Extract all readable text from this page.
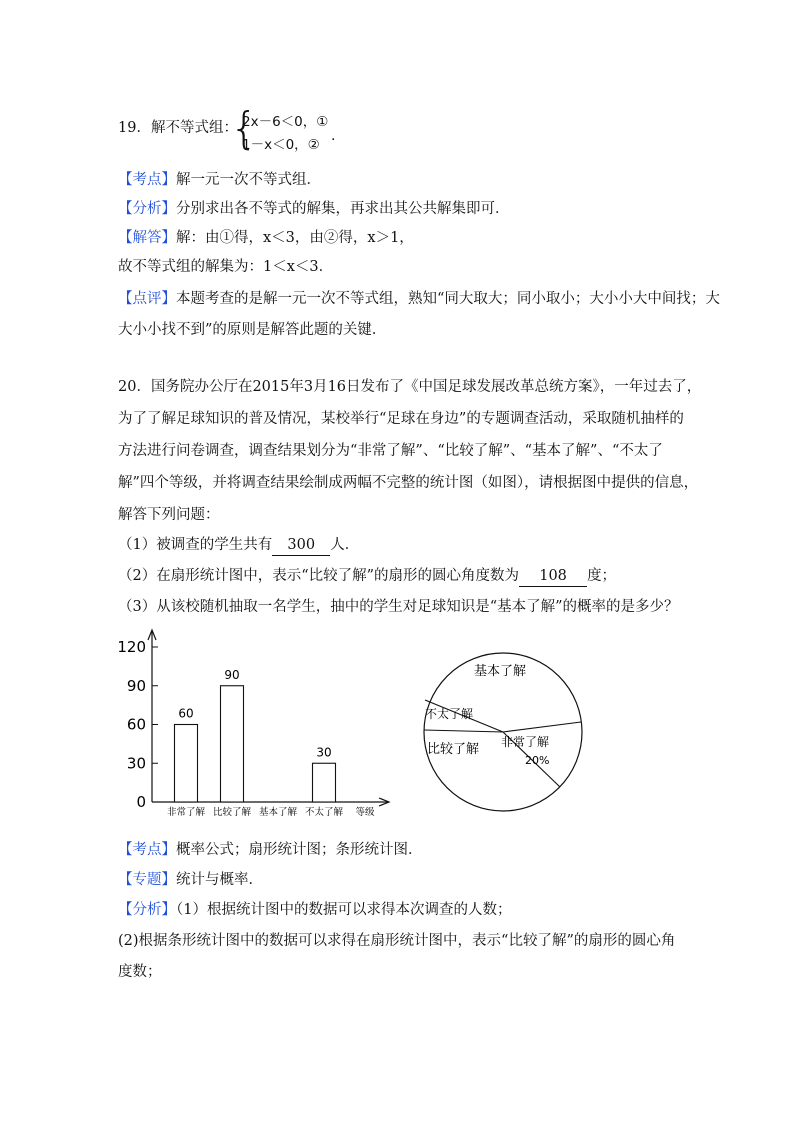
19．解不等式组：
{
2x－6＜0，①
1－x＜0，②
.
【考点】解一元一次不等式组．
【分析】分别求出各不等式的解集，再求出其公共解集即可．
【解答】解：由①得，x＜3，由②得，x＞1，
故不等式组的解集为：1＜x＜3．
【点评】本题考查的是解一元一次不等式组，熟知“同大取大；同小取小；大小小大中间找；大
大小小找不到”的原则是解答此题的关键．
20．国务院办公厅在2015年3月16日发布了《中国足球发展改革总统方案》，一年过去了，
为了了解足球知识的普及情况，某校举行“足球在身边”的专题调查活动，采取随机抽样的
方法进行问卷调查，调查结果划分为“非常了解”、“比较了解”、“基本了解”、“不太了
解”四个等级，并将调查结果绘制成两幅不完整的统计图（如图），请根据图中提供的信息，
解答下列问题：
（1）被调查的学生共有 300 人．
（2）在扇形统计图中，表示“比较了解”的扇形的圆心角度数为 108 度；
（3）从该校随机抽取一名学生，抽中的学生对足球知识是“基本了解”的概率的是多少？
0
30
60
90
120
60
非常了解
90
比较了解 基本了解
30
不太了解 等级
基本了解
不太了解
比较了解 非常了解
20%
【考点】概率公式；扇形统计图；条形统计图．
【专题】统计与概率．
【分析】（1）根据统计图中的数据可以求得本次调查的人数；
(2)根据条形统计图中的数据可以求得在扇形统计图中，表示“比较了解”的扇形的圆心角
度数；
